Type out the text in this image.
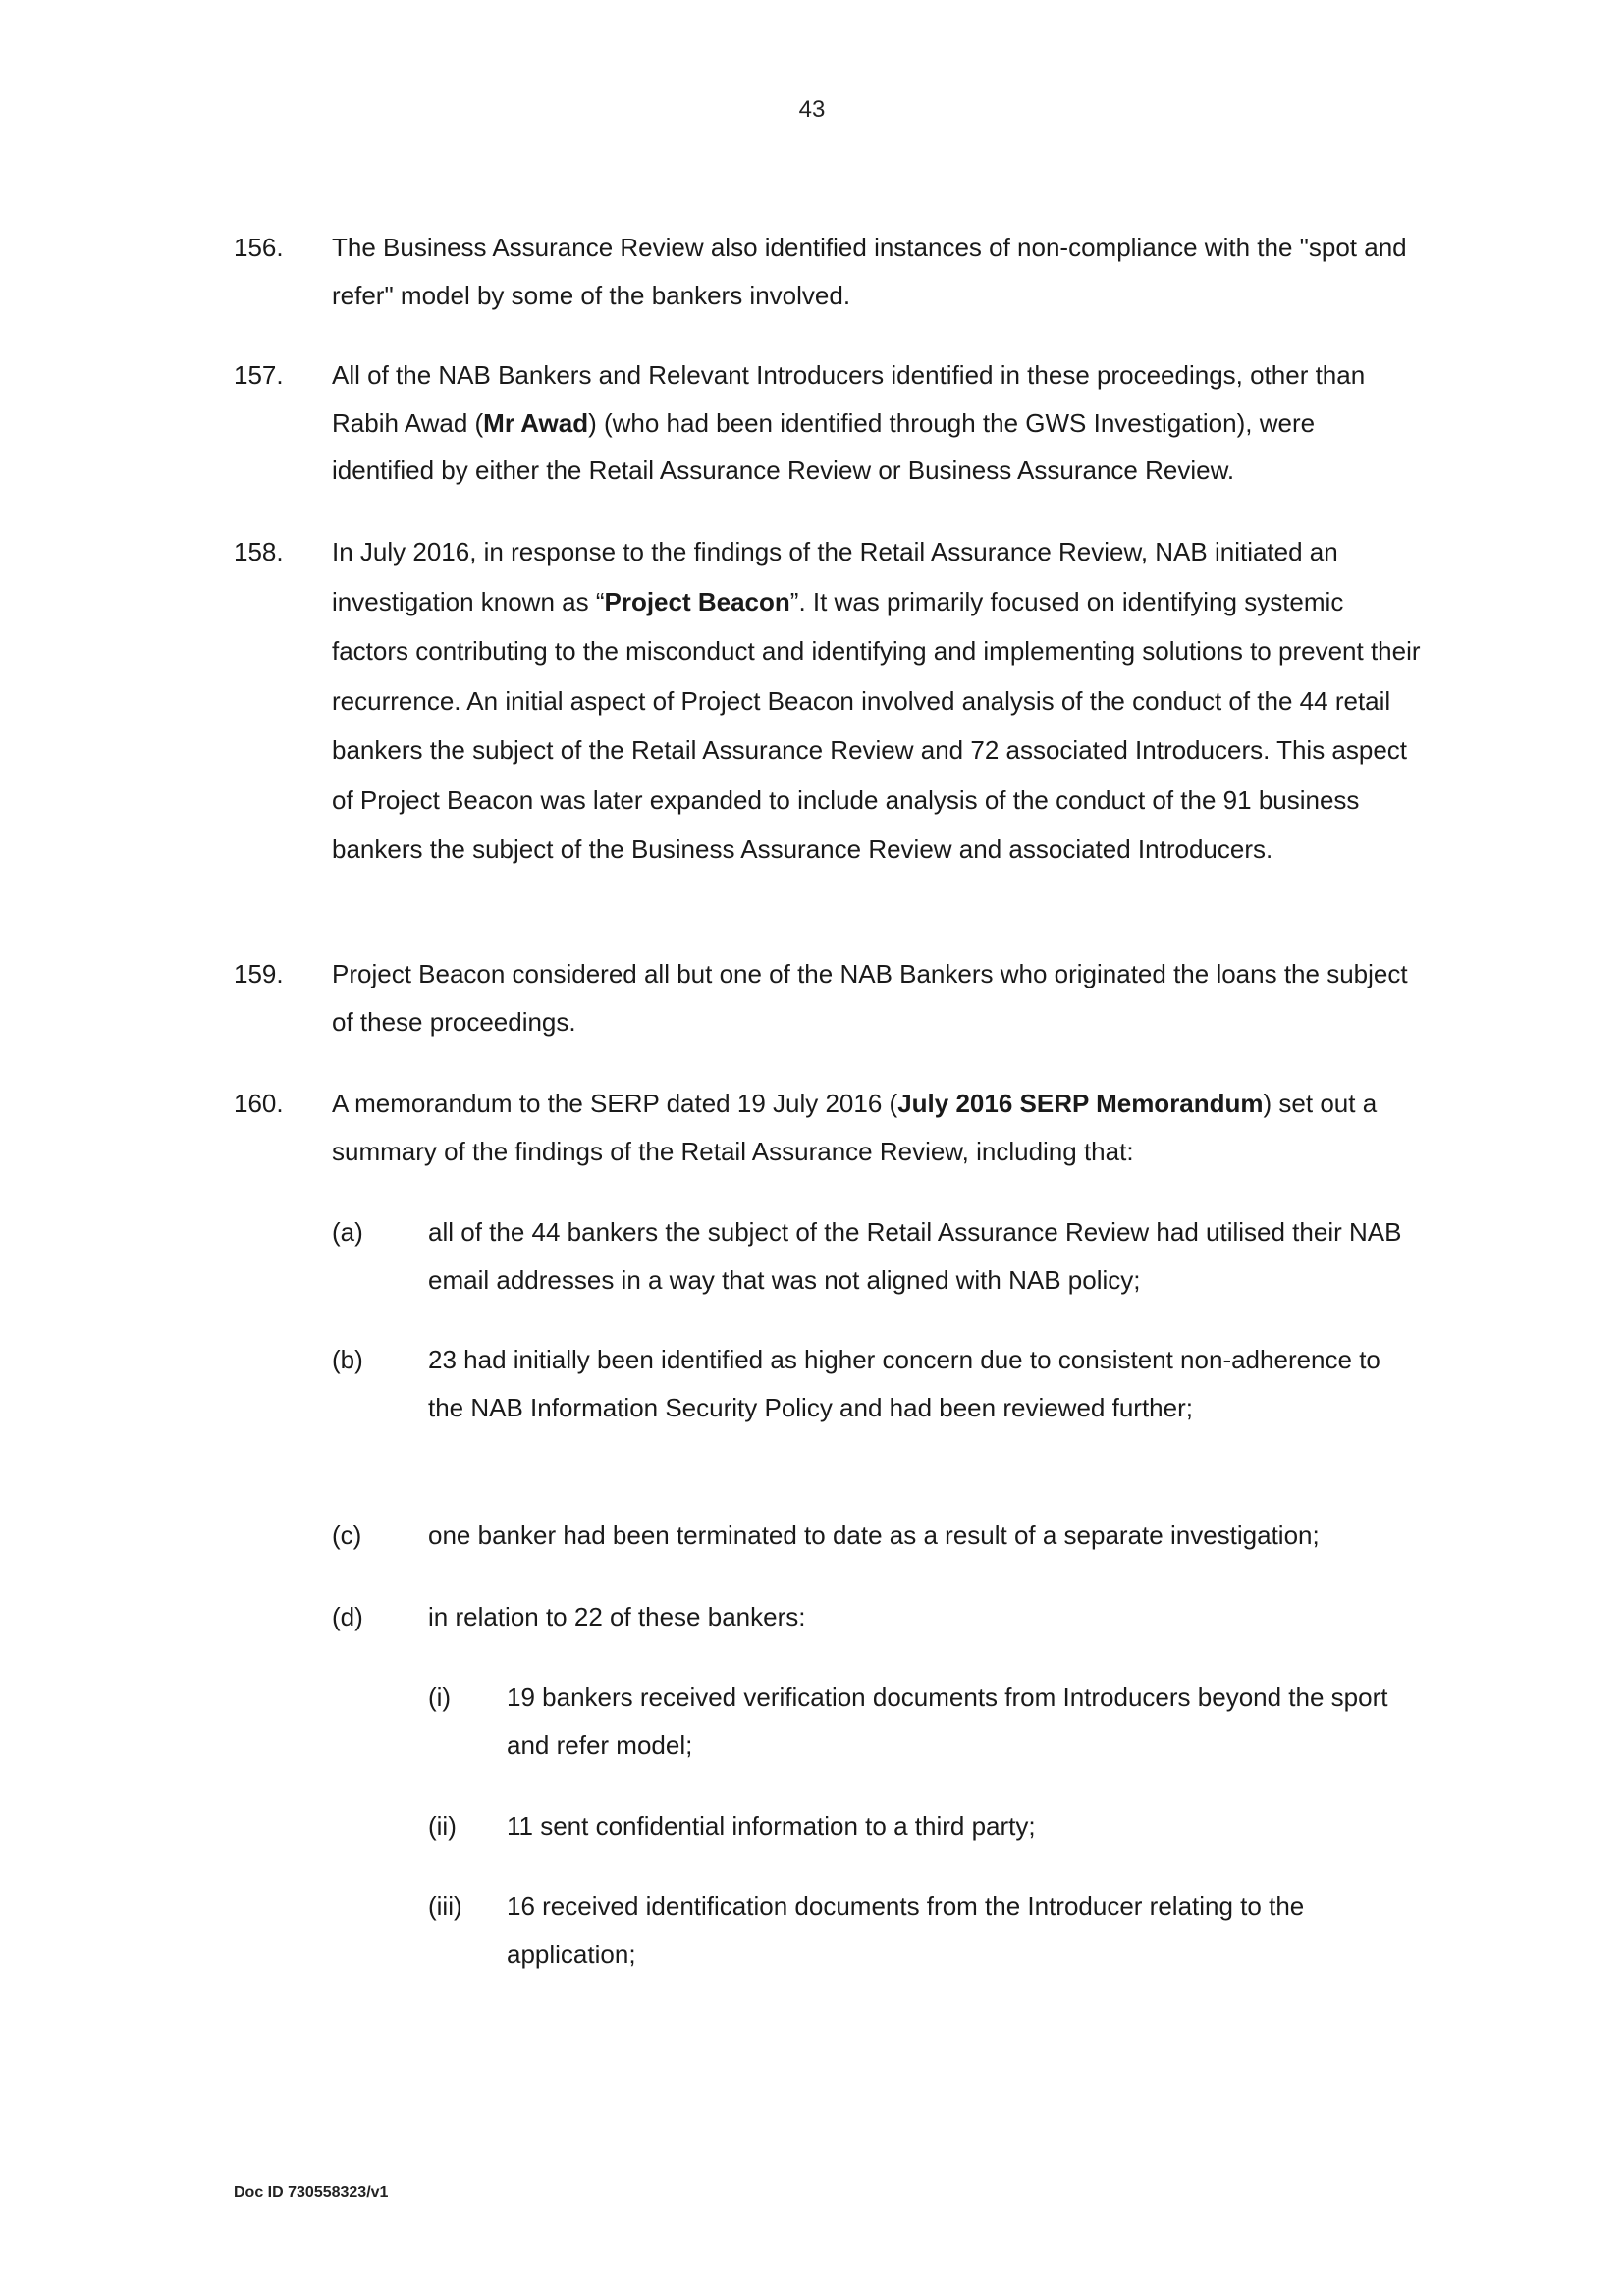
43
156. The Business Assurance Review also identified instances of non-compliance with the "spot and refer" model by some of the bankers involved.
157. All of the NAB Bankers and Relevant Introducers identified in these proceedings, other than Rabih Awad (Mr Awad) (who had been identified through the GWS Investigation), were identified by either the Retail Assurance Review or Business Assurance Review.
158. In July 2016, in response to the findings of the Retail Assurance Review, NAB initiated an investigation known as “Project Beacon”. It was primarily focused on identifying systemic factors contributing to the misconduct and identifying and implementing solutions to prevent their recurrence. An initial aspect of Project Beacon involved analysis of the conduct of the 44 retail bankers the subject of the Retail Assurance Review and 72 associated Introducers. This aspect of Project Beacon was later expanded to include analysis of the conduct of the 91 business bankers the subject of the Business Assurance Review and associated Introducers.
159. Project Beacon considered all but one of the NAB Bankers who originated the loans the subject of these proceedings.
160. A memorandum to the SERP dated 19 July 2016 (July 2016 SERP Memorandum) set out a summary of the findings of the Retail Assurance Review, including that:
(a)	all of the 44 bankers the subject of the Retail Assurance Review had utilised their NAB email addresses in a way that was not aligned with NAB policy;
(b)	23 had initially been identified as higher concern due to consistent non-adherence to the NAB Information Security Policy and had been reviewed further;
(c)	one banker had been terminated to date as a result of a separate investigation;
(d)	in relation to 22 of these bankers:
(i) 19 bankers received verification documents from Introducers beyond the sport and refer model;
(ii) 11 sent confidential information to a third party;
(iii) 16 received identification documents from the Introducer relating to the application;
Doc ID 730558323/v1
